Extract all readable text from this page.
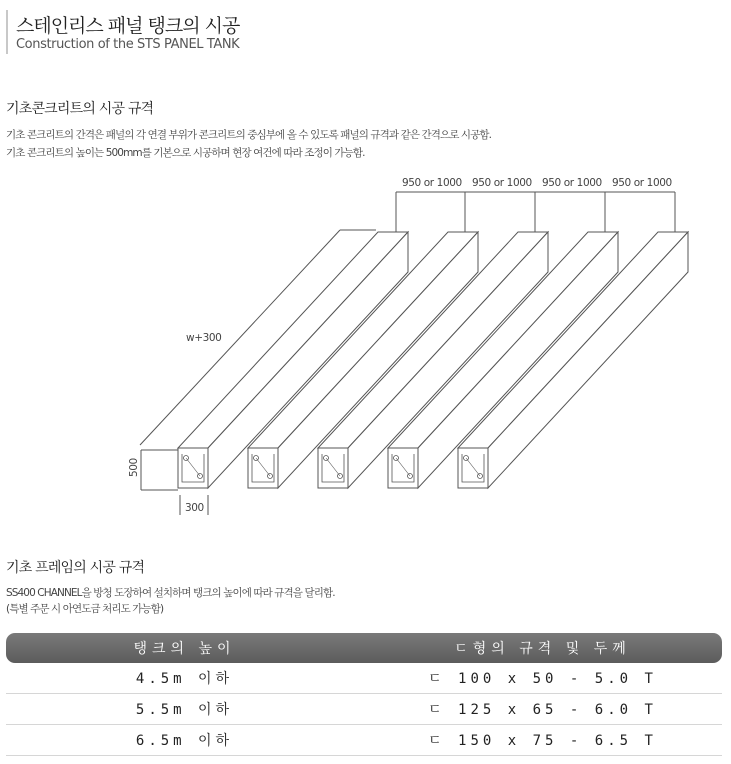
스테인리스 패널 탱크의 시공
Construction of the STS PANEL TANK
기초콘크리트의 시공 규격
기초 콘크리트의 간격은 패널의 각 연결 부위가 콘크리트의 중심부에 올 수 있도록 패널의 규격과 같은 간격으로 시공함.
기초 콘크리트의 높이는 500mm를 기본으로 시공하며 현장 여건에 따라 조정이 가능함.
950 or 1000 950 or 1000 950 or 1000 950 or 1000
w+300
500
300
기초 프레임의 시공 규격
SS400 CHANNEL을 방청 도장하여 설치하며 탱크의 높이에 따라 규격을 달리함.
(특별 주문 시 아연도금 처리도 가능함)
탱크의 높이	ㄷ형의 규격 및 두께
4.5m 이하	ㄷ 100 x 50 - 5.0 T
5.5m 이하	ㄷ 125 x 65 - 6.0 T
6.5m 이하	ㄷ 150 x 75 - 6.5 T
